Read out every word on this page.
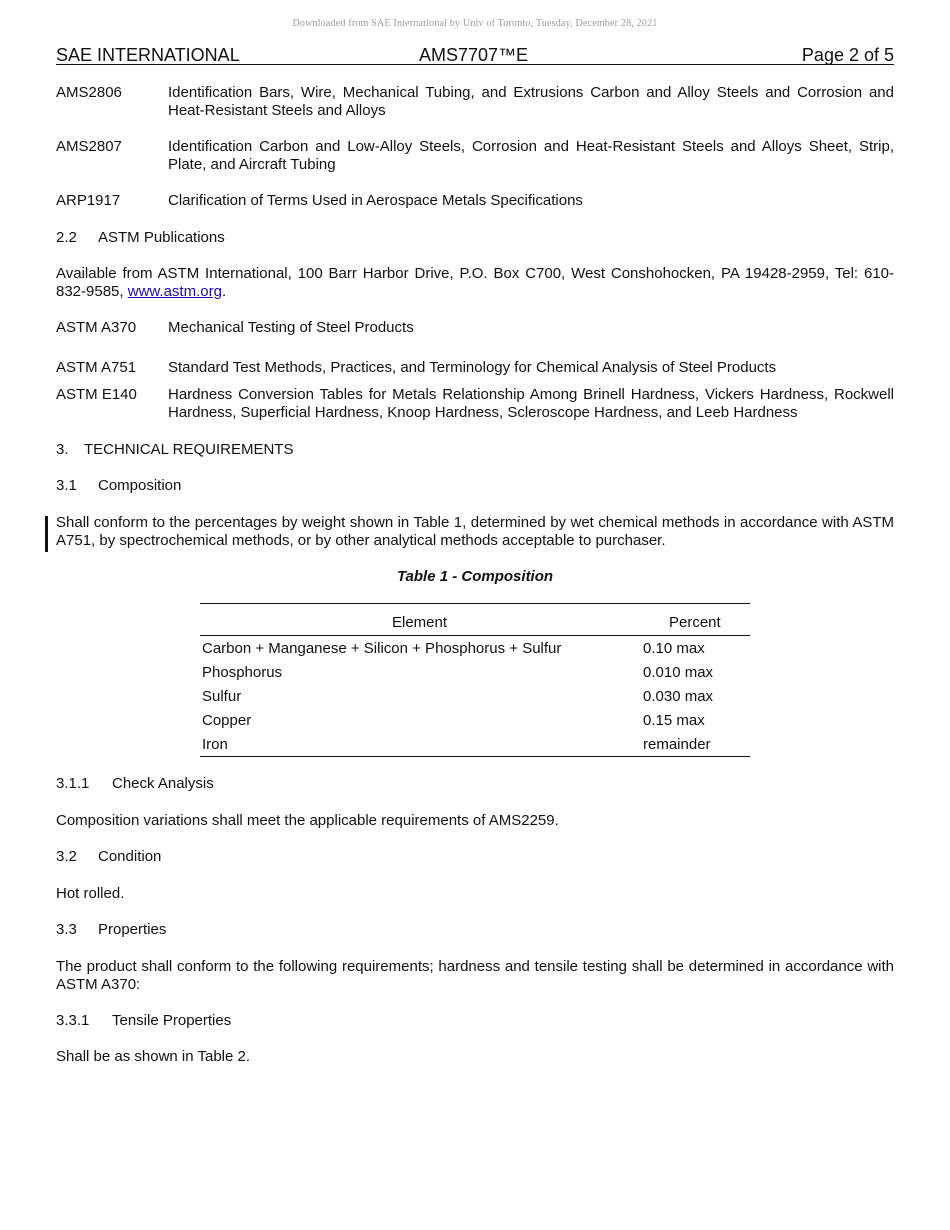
Downloaded from SAE International by Univ of Toronto, Tuesday, December 28, 2021
SAE INTERNATIONAL	AMS7707™E	Page 2 of 5
AMS2806	Identification Bars, Wire, Mechanical Tubing, and Extrusions Carbon and Alloy Steels and Corrosion and Heat-Resistant Steels and Alloys
AMS2807	Identification Carbon and Low-Alloy Steels, Corrosion and Heat-Resistant Steels and Alloys Sheet, Strip, Plate, and Aircraft Tubing
ARP1917	Clarification of Terms Used in Aerospace Metals Specifications
2.2 ASTM Publications
Available from ASTM International, 100 Barr Harbor Drive, P.O. Box C700, West Conshohocken, PA 19428-2959, Tel: 610-832-9585, www.astm.org.
ASTM A370	Mechanical Testing of Steel Products
ASTM A751	Standard Test Methods, Practices, and Terminology for Chemical Analysis of Steel Products
ASTM E140	Hardness Conversion Tables for Metals Relationship Among Brinell Hardness, Vickers Hardness, Rockwell Hardness, Superficial Hardness, Knoop Hardness, Scleroscope Hardness, and Leeb Hardness
3. TECHNICAL REQUIREMENTS
3.1 Composition
Shall conform to the percentages by weight shown in Table 1, determined by wet chemical methods in accordance with ASTM A751, by spectrochemical methods, or by other analytical methods acceptable to purchaser.
Table 1 - Composition
Element	Percent
Carbon + Manganese + Silicon + Phosphorus + Sulfur	0.10 max
Phosphorus	0.010 max
Sulfur	0.030 max
Copper	0.15 max
Iron	remainder
3.1.1 Check Analysis
Composition variations shall meet the applicable requirements of AMS2259.
3.2 Condition
Hot rolled.
3.3 Properties
The product shall conform to the following requirements; hardness and tensile testing shall be determined in accordance with ASTM A370:
3.3.1 Tensile Properties
Shall be as shown in Table 2.
